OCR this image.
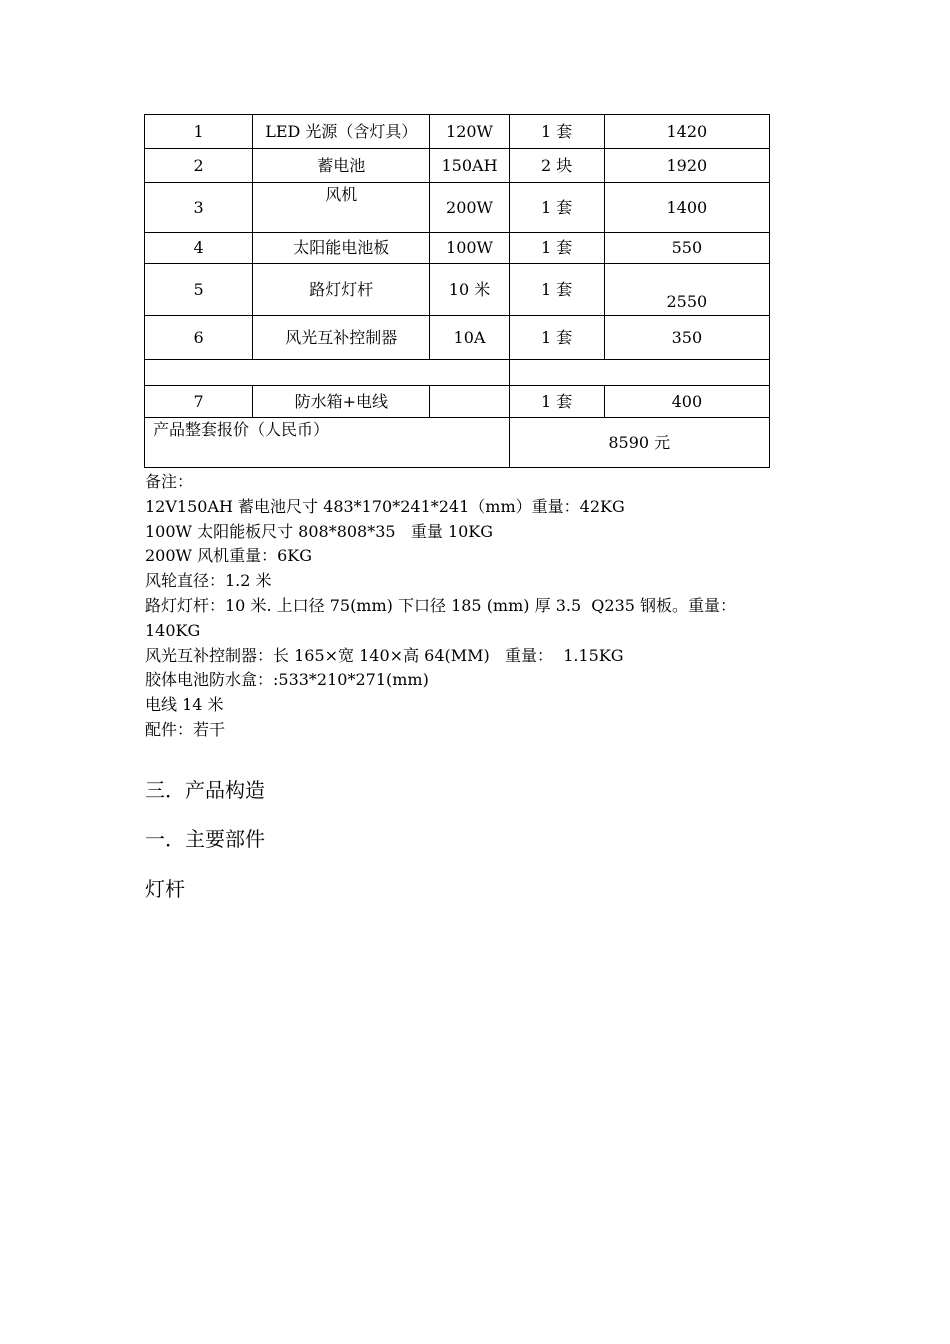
1	LED 光源（含灯具）	120W	1 套	1420
2	蓄电池	150AH	2 块	1920
3	风机	200W	1 套	1400
4	太阳能电池板	100W	1 套	550
5	路灯灯杆	10 米	1 套	2550
6	风光互补控制器	10A	1 套	350

7	防水箱+电线		1 套	400
产品整套报价（人民币）			8590 元	
备注：
12V150AH 蓄电池尺寸 483*170*241*241（mm）重量：42KG
100W 太阳能板尺寸 808*808*35   重量 10KG
200W 风机重量：6KG
风轮直径：1.2 米
路灯灯杆：10 米. 上口径 75(mm) 下口径 185 (mm) 厚 3.5  Q235 钢板。重量：
140KG
风光互补控制器：长 165×宽 140×高 64(MM)   重量：  1.15KG
胶体电池防水盒：:533*210*271(mm)
电线 14 米
配件：若干
三．产品构造
一．主要部件
灯杆
